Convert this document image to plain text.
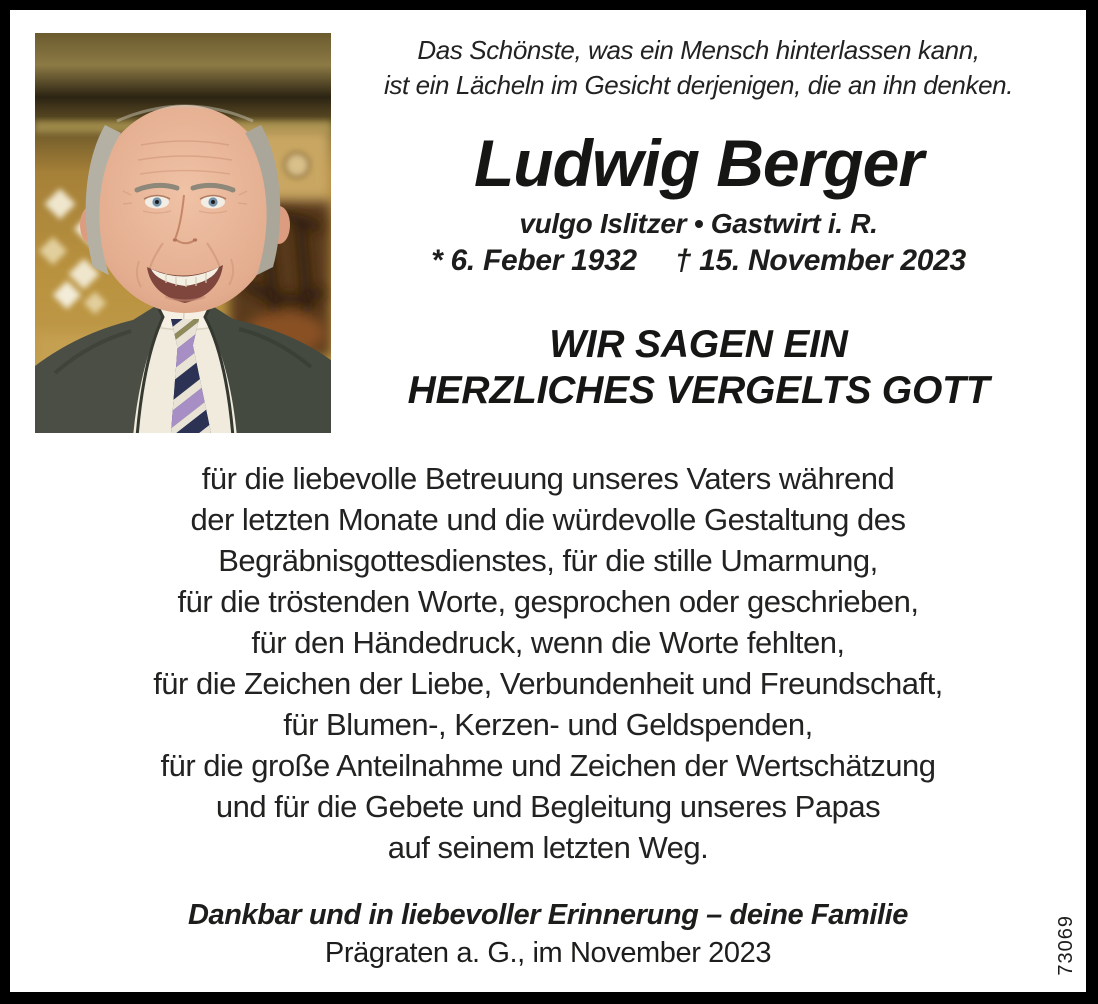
Das Schönste, was ein Mensch hinterlassen kann,
ist ein Lächeln im Gesicht derjenigen, die an ihn denken.
Ludwig Berger
vulgo Islitzer • Gastwirt i. R.
* 6. Feber 1932 † 15. November 2023
WIR SAGEN EIN
HERZLICHES VERGELTS GOTT
für die liebevolle Betreuung unseres Vaters während
der letzten Monate und die würdevolle Gestaltung des
Begräbnisgottesdienstes, für die stille Umarmung,
für die tröstenden Worte, gesprochen oder geschrieben,
für den Händedruck, wenn die Worte fehlten,
für die Zeichen der Liebe, Verbundenheit und Freundschaft,
für Blumen-, Kerzen- und Geldspenden,
für die große Anteilnahme und Zeichen der Wertschätzung
und für die Gebete und Begleitung unseres Papas
auf seinem letzten Weg.
Dankbar und in liebevoller Erinnerung – deine Familie
Prägraten a. G., im November 2023	73069
